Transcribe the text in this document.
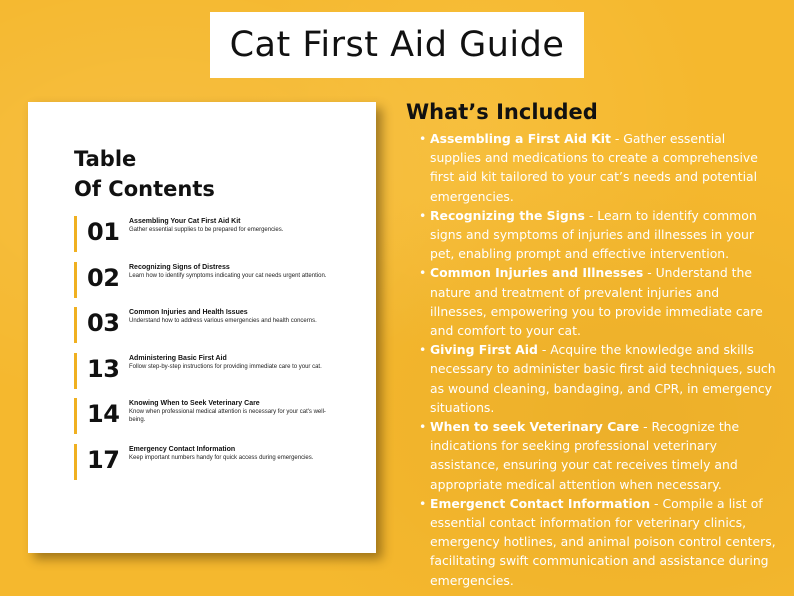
Cat First Aid Guide
Table
Of Contents
01	Assembling Your Cat First Aid Kit
Gather essential supplies to be prepared for emergencies.
02	Recognizing Signs of Distress
Learn how to identify symptoms indicating your cat needs urgent attention.
03	Common Injuries and Health Issues
Understand how to address various emergencies and health concerns.
13	Administering Basic First Aid
Follow step-by-step instructions for providing immediate care to your cat.
14	Knowing When to Seek Veterinary Care
Know when professional medical attention is necessary for your cat's well-being.
17	Emergency Contact Information
Keep important numbers handy for quick access during emergencies.
What’s Included
• Assembling a First Aid Kit - Gather essential supplies and medications to create a comprehensive first aid kit tailored to your cat’s needs and potential emergencies.
• Recognizing the Signs - Learn to identify common signs and symptoms of injuries and illnesses in your pet, enabling prompt and effective intervention.
• Common Injuries and Illnesses - Understand the nature and treatment of prevalent injuries and illnesses, empowering you to provide immediate care and comfort to your cat.
• Giving First Aid - Acquire the knowledge and skills necessary to administer basic first aid techniques, such as wound cleaning, bandaging, and CPR, in emergency situations.
• When to seek Veterinary Care - Recognize the indications for seeking professional veterinary assistance, ensuring your cat receives timely and appropriate medical attention when necessary.
• Emergenct Contact Information - Compile a list of essential contact information for veterinary clinics, emergency hotlines, and animal poison control centers, facilitating swift communication and assistance during emergencies.
